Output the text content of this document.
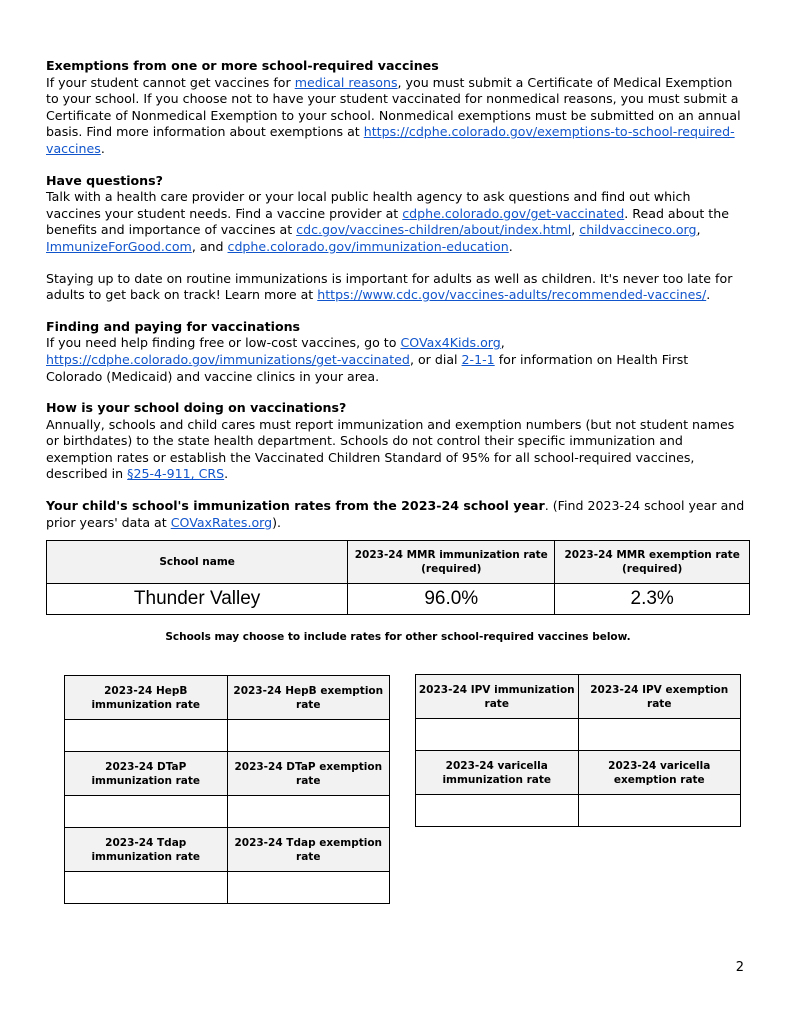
Exemptions from one or more school-required vaccines

If your student cannot get vaccines for medical reasons, you must submit a Certificate of Medical Exemption to your school. If you choose not to have your student vaccinated for nonmedical reasons, you must submit a Certificate of Nonmedical Exemption to your school. Nonmedical exemptions must be submitted on an annual basis. Find more information about exemptions at https://cdphe.colorado.gov/exemptions-to-school-required-vaccines.

Have questions?

Talk with a health care provider or your local public health agency to ask questions and find out which vaccines your student needs. Find a vaccine provider at cdphe.colorado.gov/get-vaccinated. Read about the benefits and importance of vaccines at cdc.gov/vaccines-children/about/index.html, childvaccineco.org, ImmunizeForGood.com, and cdphe.colorado.gov/immunization-education.

Staying up to date on routine immunizations is important for adults as well as children. It's never too late for adults to get back on track! Learn more at https://www.cdc.gov/vaccines-adults/recommended-vaccines/.

Finding and paying for vaccinations

If you need help finding free or low-cost vaccines, go to COVax4Kids.org, https://cdphe.colorado.gov/immunizations/get-vaccinated, or dial 2-1-1 for information on Health First Colorado (Medicaid) and vaccine clinics in your area.

How is your school doing on vaccinations?

Annually, schools and child cares must report immunization and exemption numbers (but not student names or birthdates) to the state health department. Schools do not control their specific immunization and exemption rates or establish the Vaccinated Children Standard of 95% for all school-required vaccines, described in §25-4-911, CRS.

Your child's school's immunization rates from the 2023-24 school year. (Find 2023-24 school year and prior years' data at COVaxRates.org).

School name	2023-24 MMR immunization rate (required)	2023-24 MMR exemption rate (required)
Thunder Valley	96.0%	2.3%
Schools may choose to include rates for other school-required vaccines below.
2023-24 HepB immunization rate	2023-24 HepB exemption rate

2023-24 DTaP immunization rate	2023-24 DTaP exemption rate

2023-24 Tdap immunization rate	2023-24 Tdap exemption rate

2023-24 IPV immunization rate	2023-24 IPV exemption rate

2023-24 varicella immunization rate	2023-24 varicella exemption rate

2
